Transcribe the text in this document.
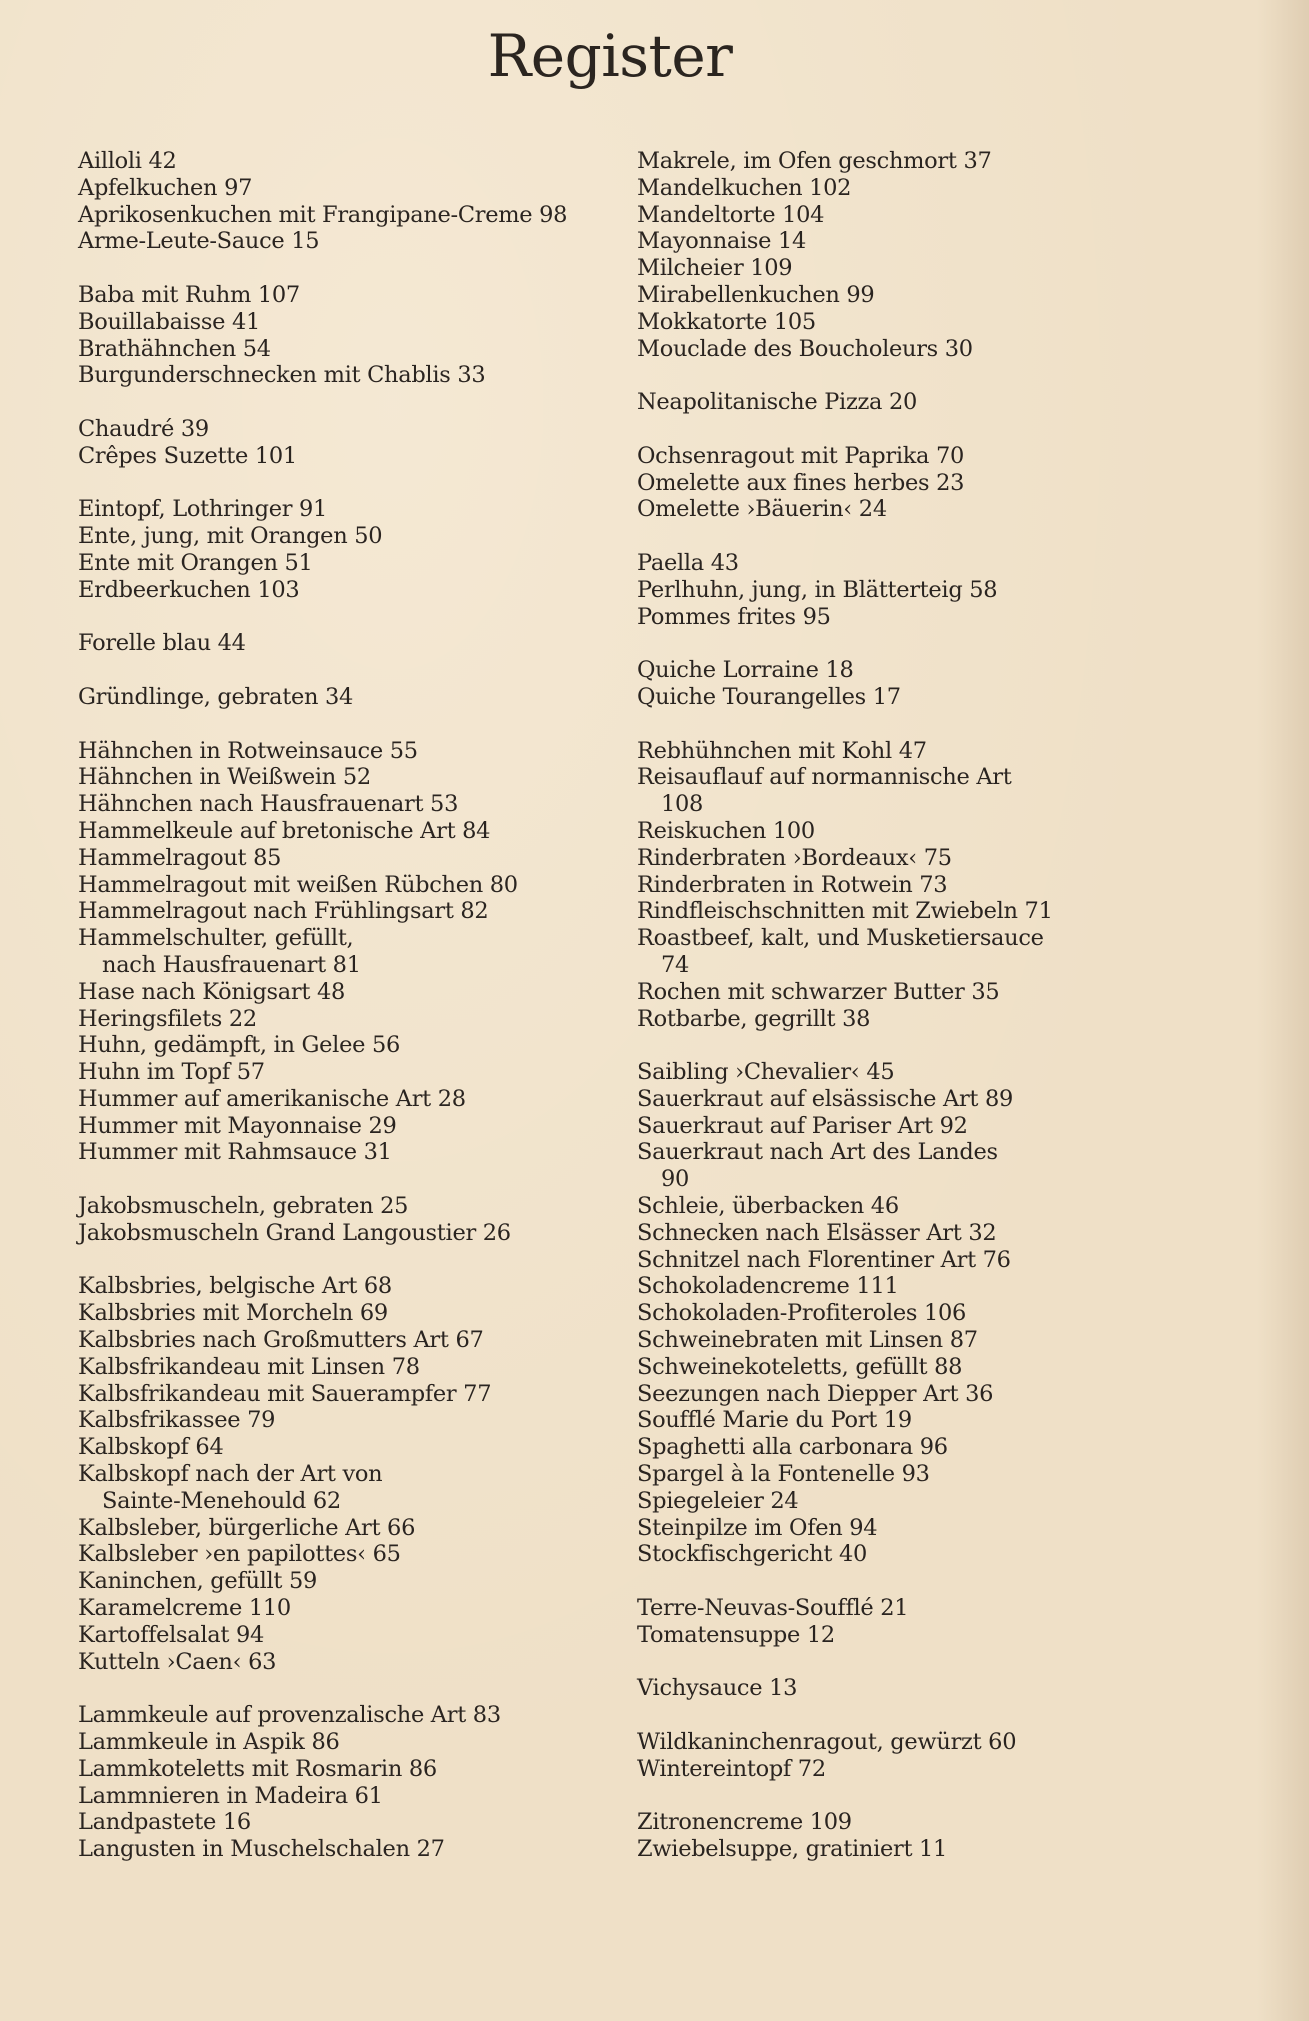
Register
Ailloli 42
Apfelkuchen 97
Aprikosenkuchen mit Frangipane-Creme 98
Arme-Leute-Sauce 15
Baba mit Ruhm 107
Bouillabaisse 41
Brathähnchen 54
Burgunderschnecken mit Chablis 33
Chaudré 39
Crêpes Suzette 101
Eintopf, Lothringer 91
Ente, jung, mit Orangen 50
Ente mit Orangen 51
Erdbeerkuchen 103
Forelle blau 44
Gründlinge, gebraten 34
Hähnchen in Rotweinsauce 55
Hähnchen in Weißwein 52
Hähnchen nach Hausfrauenart 53
Hammelkeule auf bretonische Art 84
Hammelragout 85
Hammelragout mit weißen Rübchen 80
Hammelragout nach Frühlingsart 82
Hammelschulter, gefüllt,
nach Hausfrauenart 81
Hase nach Königsart 48
Heringsfilets 22
Huhn, gedämpft, in Gelee 56
Huhn im Topf 57
Hummer auf amerikanische Art 28
Hummer mit Mayonnaise 29
Hummer mit Rahmsauce 31
Jakobsmuscheln, gebraten 25
Jakobsmuscheln Grand Langoustier 26
Kalbsbries, belgische Art 68
Kalbsbries mit Morcheln 69
Kalbsbries nach Großmutters Art 67
Kalbsfrikandeau mit Linsen 78
Kalbsfrikandeau mit Sauerampfer 77
Kalbsfrikassee 79
Kalbskopf 64
Kalbskopf nach der Art von
Sainte-Menehould 62
Kalbsleber, bürgerliche Art 66
Kalbsleber ›en papilottes‹ 65
Kaninchen, gefüllt 59
Karamelcreme 110
Kartoffelsalat 94
Kutteln ›Caen‹ 63
Lammkeule auf provenzalische Art 83
Lammkeule in Aspik 86
Lammkoteletts mit Rosmarin 86
Lammnieren in Madeira 61
Landpastete 16
Langusten in Muschelschalen 27
Makrele, im Ofen geschmort 37
Mandelkuchen 102
Mandeltorte 104
Mayonnaise 14
Milcheier 109
Mirabellenkuchen 99
Mokkatorte 105
Mouclade des Boucholeurs 30
Neapolitanische Pizza 20
Ochsenragout mit Paprika 70
Omelette aux fines herbes 23
Omelette ›Bäuerin‹ 24
Paella 43
Perlhuhn, jung, in Blätterteig 58
Pommes frites 95
Quiche Lorraine 18
Quiche Tourangelles 17
Rebhühnchen mit Kohl 47
Reisauflauf auf normannische Art
108
Reiskuchen 100
Rinderbraten ›Bordeaux‹ 75
Rinderbraten in Rotwein 73
Rindfleischschnitten mit Zwiebeln 71
Roastbeef, kalt, und Musketiersauce
74
Rochen mit schwarzer Butter 35
Rotbarbe, gegrillt 38
Saibling ›Chevalier‹ 45
Sauerkraut auf elsässische Art 89
Sauerkraut auf Pariser Art 92
Sauerkraut nach Art des Landes
90
Schleie, überbacken 46
Schnecken nach Elsässer Art 32
Schnitzel nach Florentiner Art 76
Schokoladencreme 111
Schokoladen-Profiteroles 106
Schweinebraten mit Linsen 87
Schweinekoteletts, gefüllt 88
Seezungen nach Diepper Art 36
Soufflé Marie du Port 19
Spaghetti alla carbonara 96
Spargel à la Fontenelle 93
Spiegeleier 24
Steinpilze im Ofen 94
Stockfischgericht 40
Terre-Neuvas-Soufflé 21
Tomatensuppe 12
Vichysauce 13
Wildkaninchenragout, gewürzt 60
Wintereintopf 72
Zitronencreme 109
Zwiebelsuppe, gratiniert 11
